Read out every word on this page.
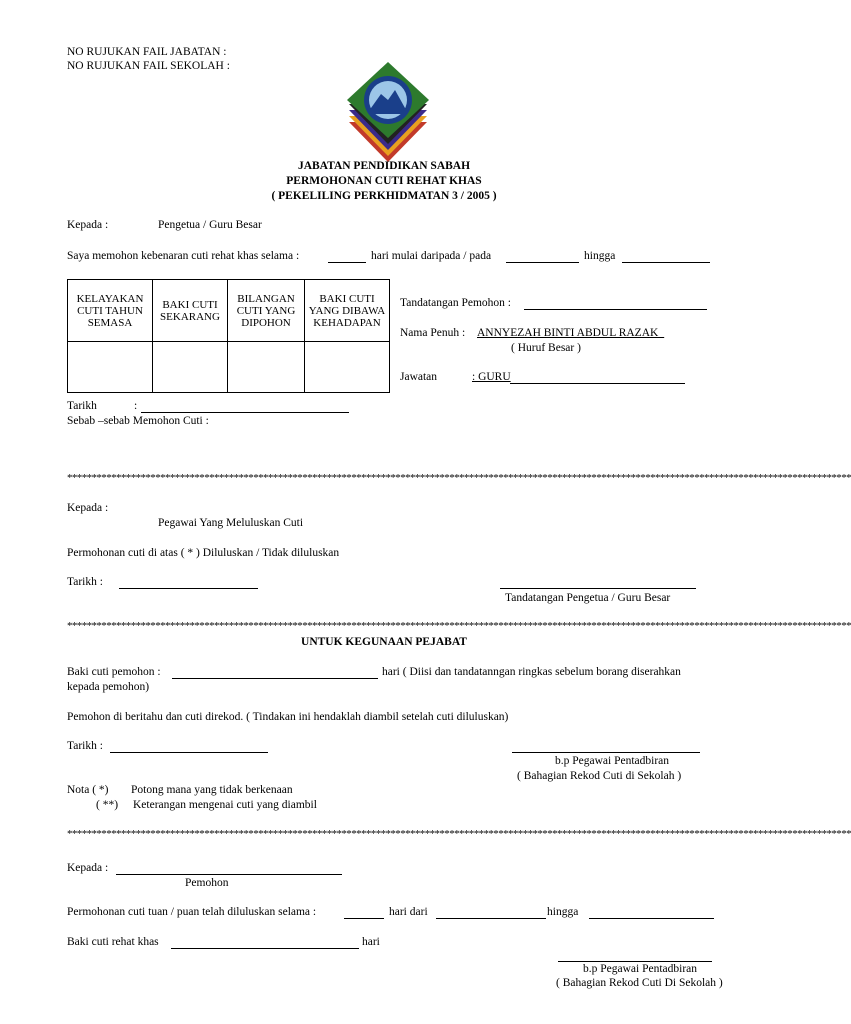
NO RUJUKAN FAIL JABATAN :
NO RUJUKAN FAIL SEKOLAH :
JABATAN PENDIDIKAN SABAH
PERMOHONAN CUTI REHAT KHAS
( PEKELILING PERKHIDMATAN 3 / 2005 )
Kepada :	Pengetua / Guru Besar
Saya memohon kebenaran cuti rehat khas selama :	hari mulai daripada / pada	hingga
KELAYAKAN CUTI TAHUN SEMASA	BAKI CUTI SEKARANG	BILANGAN CUTI YANG DIPOHON	BAKI CUTI YANG DIBAWA KEHADAPAN

Tandatangan Pemohon :
Nama Penuh : ANNYEZAH BINTI ABDUL RAZAK_
( Huruf Besar )
Jawatan	: GURU
Tarikh	:
Sebab –sebab Memohon Cuti :
****************************************************************************************************************************************************************
Kepada :
Pegawai Yang Meluluskan Cuti
Permohonan cuti di atas ( * ) Diluluskan / Tidak diluluskan
Tarikh :
Tandatangan Pengetua / Guru Besar
****************************************************************************************************************************************************************
UNTUK KEGUNAAN PEJABAT
Baki cuti pemohon :	hari ( Diisi dan tandatanngan ringkas sebelum borang diserahkan
kepada pemohon)
Pemohon di beritahu dan cuti direkod. ( Tindakan ini hendaklah diambil setelah cuti diluluskan)
Tarikh :
b.p Pegawai Pentadbiran
( Bahagian Rekod Cuti di Sekolah )
Nota ( *) Potong mana yang tidak berkenaan
( **) Keterangan mengenai cuti yang diambil
****************************************************************************************************************************************************************
Kepada :
Pemohon
Permohonan cuti tuan / puan telah diluluskan selama :	hari dari	hingga
Baki cuti rehat khas	hari
b.p Pegawai Pentadbiran
( Bahagian Rekod Cuti Di Sekolah )
